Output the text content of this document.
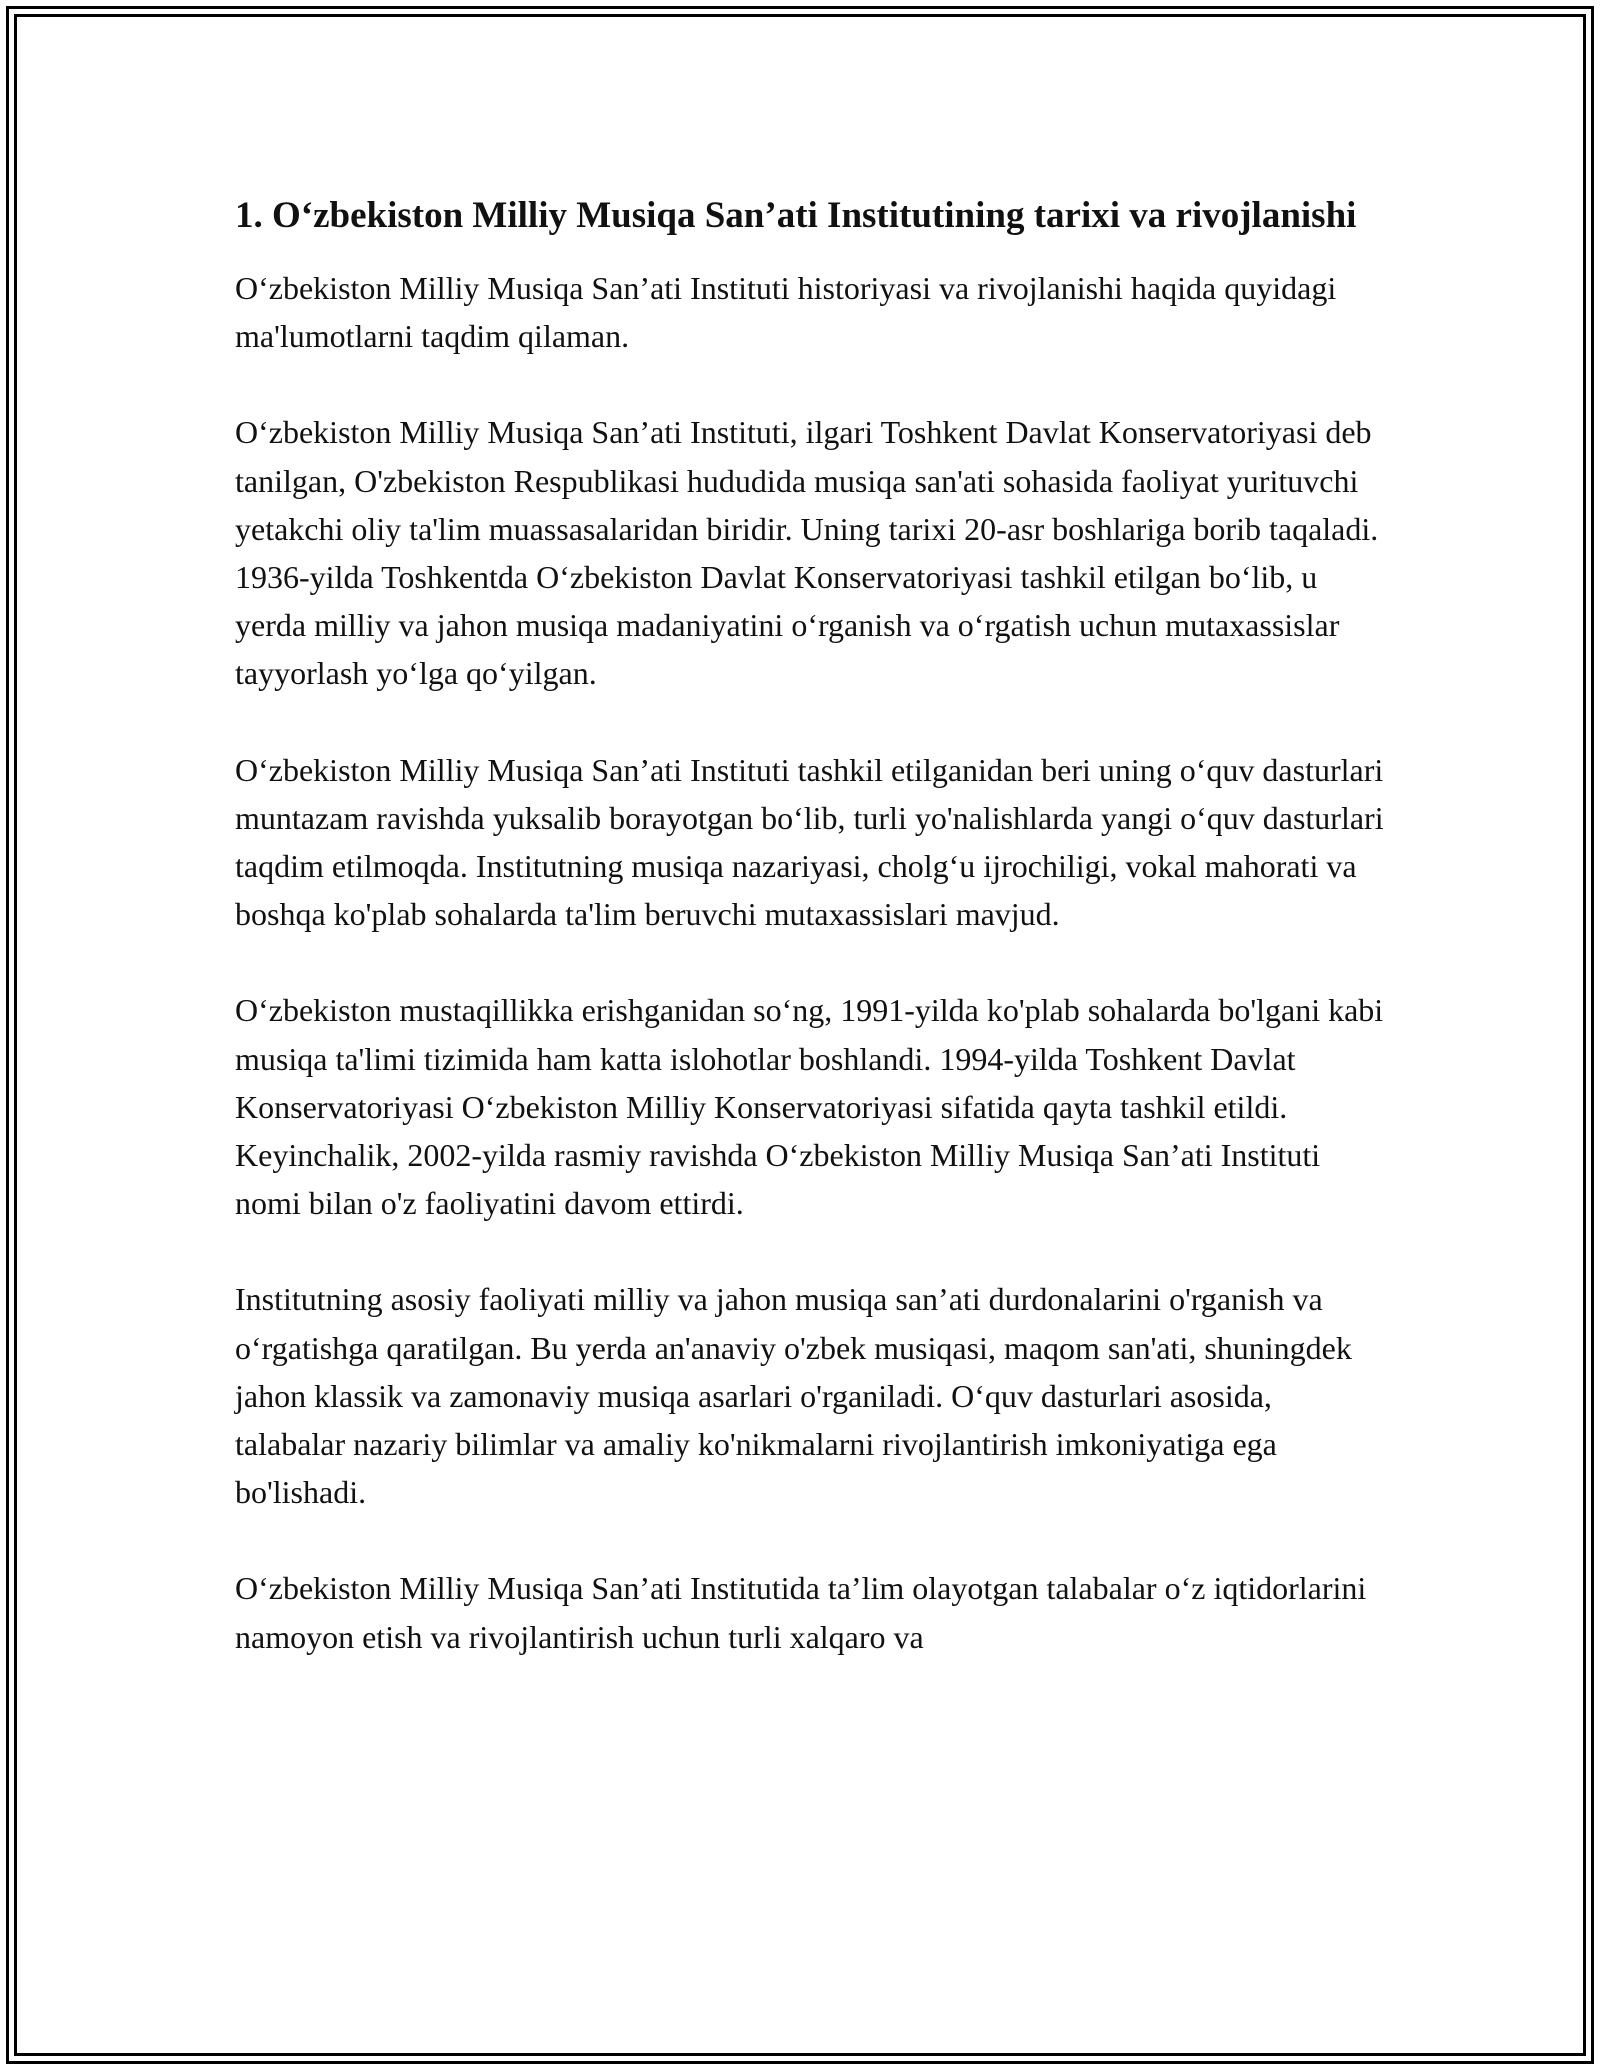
1. O‘zbekiston Milliy Musiqa San’ati Institutining tarixi va rivojlanishi

O‘zbekiston Milliy Musiqa San’ati Instituti historiyasi va rivojlanishi haqida quyidagi ma'lumotlarni taqdim qilaman.

O‘zbekiston Milliy Musiqa San’ati Instituti, ilgari Toshkent Davlat Konservatoriyasi deb tanilgan, O'zbekiston Respublikasi hududida musiqa san'ati sohasida faoliyat yurituvchi yetakchi oliy ta'lim muassasalaridan biridir. Uning tarixi 20-asr boshlariga borib taqaladi. 1936-yilda Toshkentda O‘zbekiston Davlat Konservatoriyasi tashkil etilgan bo‘lib, u yerda milliy va jahon musiqa madaniyatini o‘rganish va o‘rgatish uchun mutaxassislar tayyorlash yo‘lga qo‘yilgan.

O‘zbekiston Milliy Musiqa San’ati Instituti tashkil etilganidan beri uning o‘quv dasturlari muntazam ravishda yuksalib borayotgan bo‘lib, turli yo'nalishlarda yangi o‘quv dasturlari taqdim etilmoqda. Institutning musiqa nazariyasi, cholg‘u ijrochiligi, vokal mahorati va boshqa ko'plab sohalarda ta'lim beruvchi mutaxassislari mavjud.

O‘zbekiston mustaqillikka erishganidan so‘ng, 1991-yilda ko'plab sohalarda bo'lgani kabi musiqa ta'limi tizimida ham katta islohotlar boshlandi. 1994-yilda Toshkent Davlat Konservatoriyasi O‘zbekiston Milliy Konservatoriyasi sifatida qayta tashkil etildi. Keyinchalik, 2002-yilda rasmiy ravishda O‘zbekiston Milliy Musiqa San’ati Instituti nomi bilan o'z faoliyatini davom ettirdi.

Institutning asosiy faoliyati milliy va jahon musiqa san’ati durdonalarini o'rganish va o‘rgatishga qaratilgan. Bu yerda an'anaviy o'zbek musiqasi, maqom san'ati, shuningdek jahon klassik va zamonaviy musiqa asarlari o'rganiladi. O‘quv dasturlari asosida, talabalar nazariy bilimlar va amaliy ko'nikmalarni rivojlantirish imkoniyatiga ega bo'lishadi.

O‘zbekiston Milliy Musiqa San’ati Institutida ta’lim olayotgan talabalar o‘z iqtidorlarini namoyon etish va rivojlantirish uchun turli xalqaro va
